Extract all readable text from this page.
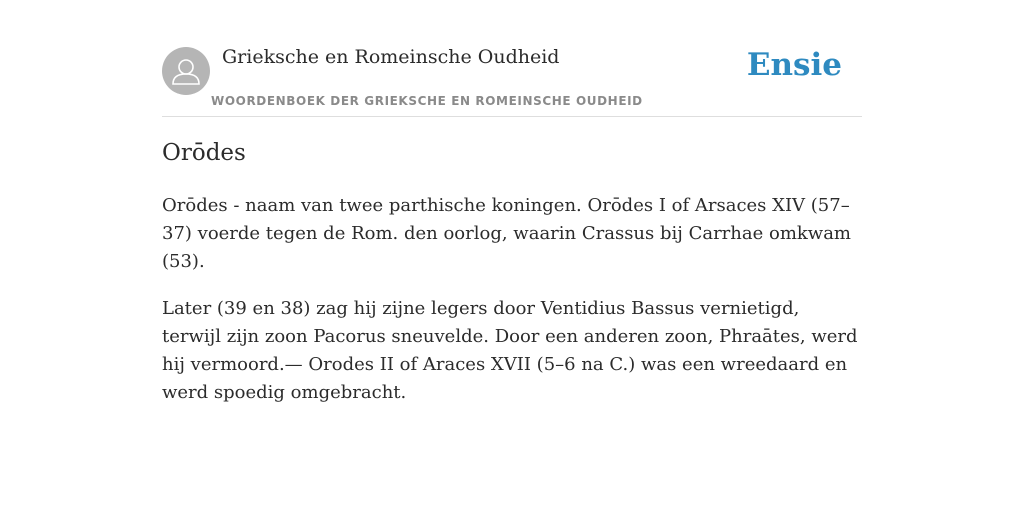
Grieksche en Romeinsche Oudheid
WOORDENBOEK DER GRIEKSCHE EN ROMEINSCHE OUDHEID
Ensie
Orōdes

Orōdes - naam van twee parthische koningen. Orōdes I of Arsaces XIV (57–37) voerde tegen de Rom. den oorlog, waarin Crassus bij Carrhae omkwam (53).

Later (39 en 38) zag hij zijne legers door Ventidius Bassus vernietigd, terwijl zijn zoon Pacorus sneuvelde. Door een anderen zoon, Phraātes, werd hij vermoord.— Orodes II of Araces XVII (5–6 na C.) was een wreedaard en werd spoedig omgebracht.
